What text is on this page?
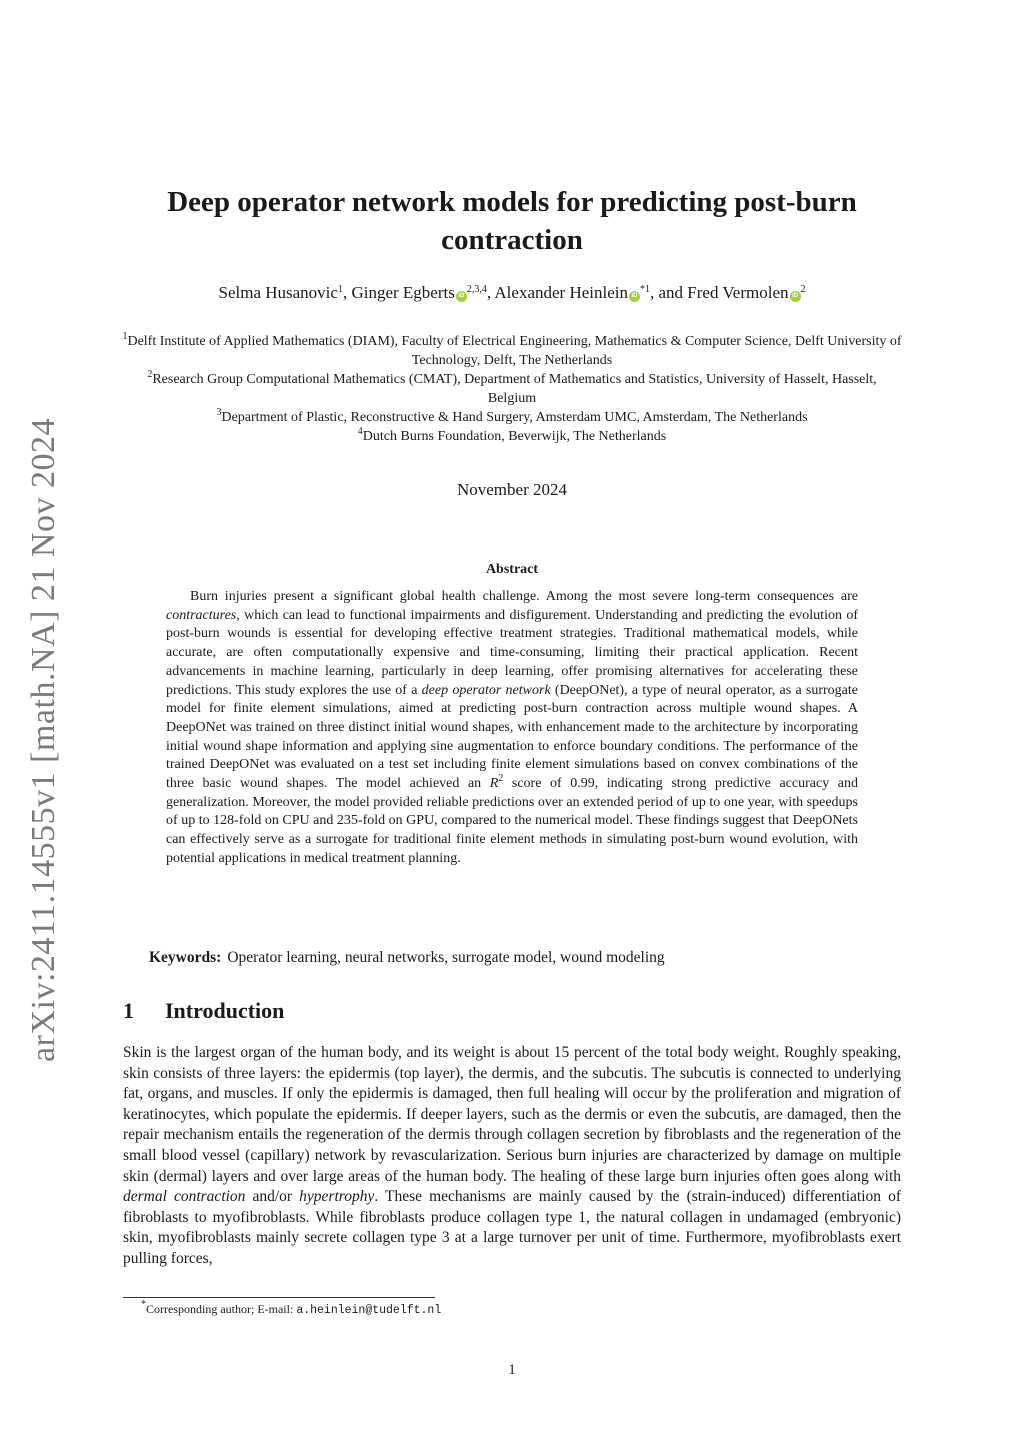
arXiv:2411.14555v1 [math.NA] 21 Nov 2024
Deep operator network models for predicting post-burn contraction
Selma Husanovic$^1$, Ginger Egberts iD$^{2,3,4}$, Alexander Heinlein $iD^{*1}$, and Fred Vermolen $iD^2$

$^1$Delft Institute of Applied Mathematics (DIAM), Faculty of Electrical Engineering, Mathematics & Computer Science, Delft University of Technology, Delft, The Netherlands

$^2$Research Group Computational Mathematics (CMAT), Department of Mathematics and Statistics, University of Hasselt, Hasselt, Belgium

$^3$Department of Plastic, Reconstructive & Hand Surgery, Amsterdam UMC, Amsterdam, The Netherlands

$^4$Dutch Burns Foundation, Beverwijk, The Netherlands

November 2024
Abstract
Burn injuries present a significant global health challenge. Among the most severe long-term consequences are contractures, which can lead to functional impairments and disfigurement. Understanding and predicting the evolution of post-burn wounds is essential for developing effective treatment strategies. Traditional mathematical models, while accurate, are often computationally expensive and time-consuming, limiting their practical application. Recent advancements in machine learning, particularly in deep learning, offer promising alternatives for accelerating these predictions. This study explores the use of a deep operator network (DeepONet), a type of neural operator, as a surrogate model for finite element simulations, aimed at predicting post-burn contraction across multiple wound shapes. A DeepONet was trained on three distinct initial wound shapes, with enhancement made to the architecture by incorporating initial wound shape information and applying sine augmentation to enforce boundary conditions. The performance of the trained DeepONet was evaluated on a test set including finite element simulations based on convex combinations of the three basic wound shapes. The model achieved an $R^2$ score of 0.99, indicating strong predictive accuracy and generalization. Moreover, the model provided reliable predictions over an extended period of up to one year, with speedups of up to 128-fold on CPU and 235-fold on GPU, compared to the numerical model. These findings suggest that DeepONets can effectively serve as a surrogate for traditional finite element methods in simulating post-burn wound evolution, with potential applications in medical treatment planning.
Keywords: Operator learning, neural networks, surrogate model, wound modeling
1 Introduction
Skin is the largest organ of the human body, and its weight is about 15 percent of the total body weight. Roughly speaking, skin consists of three layers: the epidermis (top layer), the dermis, and the subcutis. The subcutis is connected to underlying fat, organs, and muscles. If only the epidermis is damaged, then full healing will occur by the proliferation and migration of keratinocytes, which populate the epidermis. If deeper layers, such as the dermis or even the subcutis, are damaged, then the repair mechanism entails the regeneration of the dermis through collagen secretion by fibroblasts and the regeneration of the small blood vessel (capillary) network by revascularization. Serious burn injuries are characterized by damage on multiple skin (dermal) layers and over large areas of the human body. The healing of these large burn injuries often goes along with dermal contraction and/or hypertrophy. These mechanisms are mainly caused by the (strain-induced) differentiation of fibroblasts to myofibroblasts. While fibroblasts produce collagen type 1, the natural collagen in undamaged (embryonic) skin, myofibroblasts mainly secrete collagen type 3 at a large turnover per unit of time. Furthermore, myofibroblasts exert pulling forces,
*Corresponding author; E-mail: a.heinlein@tudelft.nl
1
